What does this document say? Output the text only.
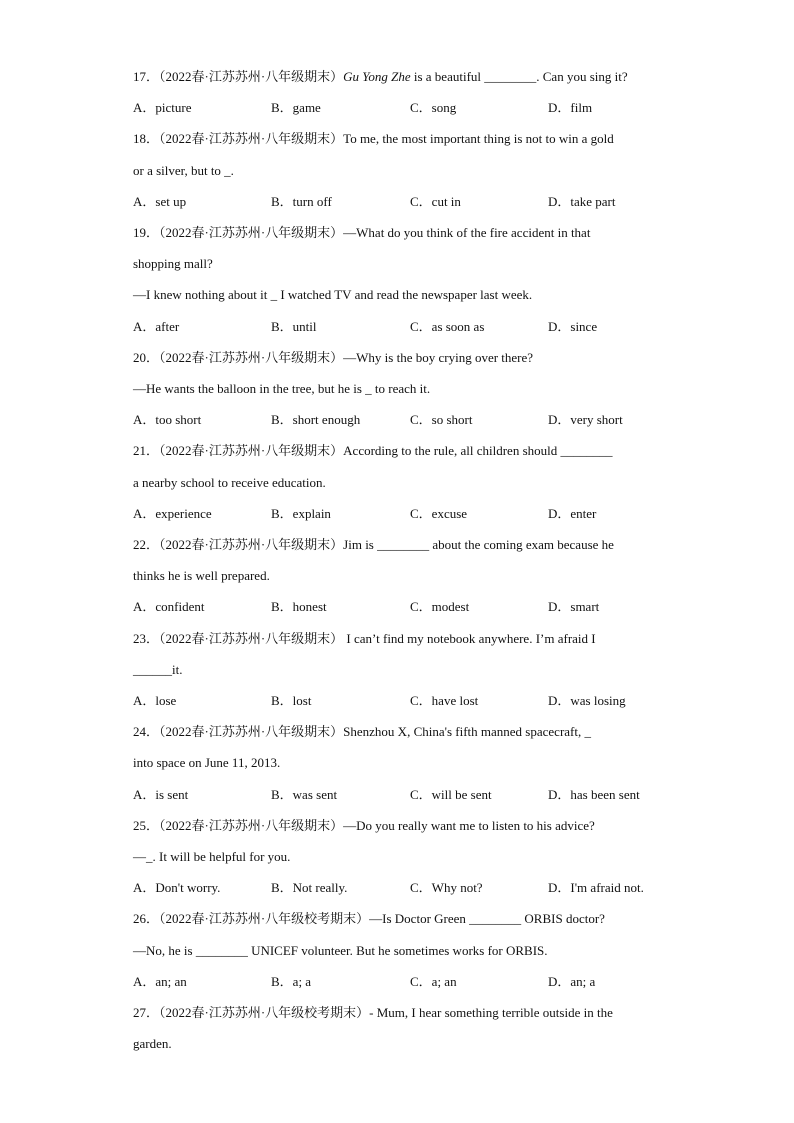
17．（2022春·江苏苏州·八年级期末）Gu Yong Zhe is a beautiful ________. Can you sing it?
A．picture	B．game	C．song	D．film
18．（2022春·江苏苏州·八年级期末）To me, the most important thing is not to win a gold
or a silver, but to _.
A．set up	B．turn off	C．cut in	D．take part
19．（2022春·江苏苏州·八年级期末）—What do you think of the fire accident in that
shopping mall?
—I knew nothing about it _ I watched TV and read the newspaper last week.
A．after	B．until	C．as soon as	D．since
20．（2022春·江苏苏州·八年级期末）—Why is the boy crying over there?
—He wants the balloon in the tree, but he is _ to reach it.
A．too short	B．short enough	C．so short	D．very short
21．（2022春·江苏苏州·八年级期末）According to the rule, all children should ________
a nearby school to receive education.
A．experience	B．explain	C．excuse	D．enter
22．（2022春·江苏苏州·八年级期末）Jim is ________ about the coming exam because he
thinks he is well prepared.
A．confident	B．honest	C．modest	D．smart
23．（2022春·江苏苏州·八年级期末） I can’t find my notebook anywhere. I’m afraid I
______it.
A．lose	B．lost	C．have lost	D．was losing
24．（2022春·江苏苏州·八年级期末）Shenzhou X, China's fifth manned spacecraft, _
into space on June 11, 2013.
A．is sent	B．was sent	C．will be sent	D．has been sent
25．（2022春·江苏苏州·八年级期末）—Do you really want me to listen to his advice?
—_. It will be helpful for you.
A．Don't worry.	B．Not really.	C．Why not?	D．I'm afraid not.
26．（2022春·江苏苏州·八年级校考期末）—Is Doctor Green ________ ORBIS doctor?
—No, he is ________ UNICEF volunteer. But he sometimes works for ORBIS.
A．an; an	B．a; a	C．a; an	D．an; a
27．（2022春·江苏苏州·八年级校考期末）- Mum, I hear something terrible outside in the
garden.
